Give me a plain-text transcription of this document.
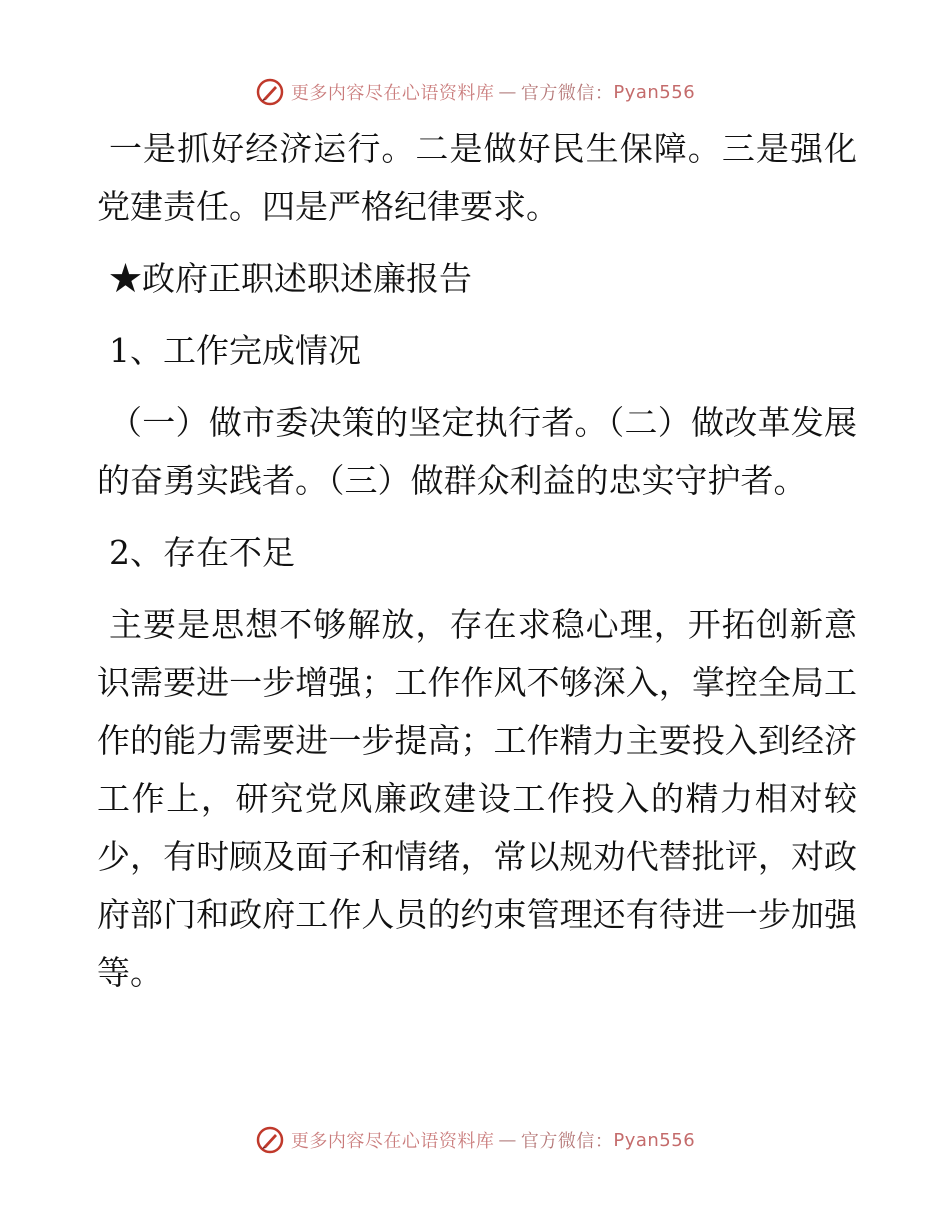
更多内容尽在心语资料库 — 官方微信： Pyan556

一是抓好经济运行。二是做好民生保障。三是强化党建责任。四是严格纪律要求。

★政府正职述职述廉报告

1、工作完成情况

（一）做市委决策的坚定执行者。（二）做改革发展的奋勇实践者。（三）做群众利益的忠实守护者。

2、存在不足

主要是思想不够解放，存在求稳心理，开拓创新意识需要进一步增强；工作作风不够深入，掌控全局工作的能力需要进一步提高；工作精力主要投入到经济工作上，研究党风廉政建设工作投入的精力相对较少，有时顾及面子和情绪，常以规劝代替批评，对政府部门和政府工作人员的约束管理还有待进一步加强等。

更多内容尽在心语资料库 — 官方微信： Pyan556
